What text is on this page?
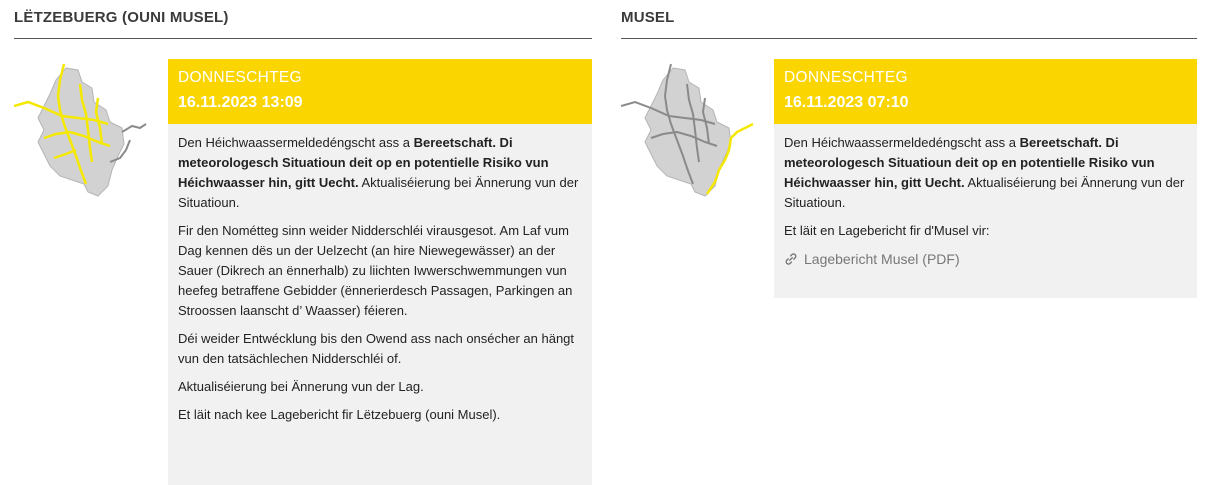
LËTZEBUERG (OUNI MUSEL)
DONNESCHTEG
16.11.2023 13:09

Den Héichwaassermeldedéngscht ass a Bereetschaft. Di meteorologesch Situatioun deit op en potentielle Risiko vun Héichwaasser hin, gitt Uecht. Aktualiséierung bei Ännerung vun der Situatioun.

Fir den Nométteg sinn weider Nidderschléi virausgesot. Am Laf vum Dag kennen dës un der Uelzecht (an hire Niewegewässer) an der Sauer (Dikrech an ënnerhalb) zu liichten Iwwerschwemmungen vun heefeg betraffene Gebidder (ënnerierdesch Passagen, Parkingen an Stroossen laanscht d’ Waasser) féieren.

Déi weider Entwécklung bis den Owend ass nach onsécher an hängt vun den tatsächlechen Nidderschléi of.

Aktualiséierung bei Ännerung vun der Lag.

Et läit nach kee Lagebericht fir Lëtzebuerg (ouni Musel).

MUSEL
DONNESCHTEG
16.11.2023 07:10

Den Héichwaassermeldedéngscht ass a Bereetschaft. Di meteorologesch Situatioun deit op en potentielle Risiko vun Héichwaasser hin, gitt Uecht. Aktualiséierung bei Ännerung vun der Situatioun.

Et läit en Lagebericht fir d'Musel vir:

Lagebericht Musel (PDF)
